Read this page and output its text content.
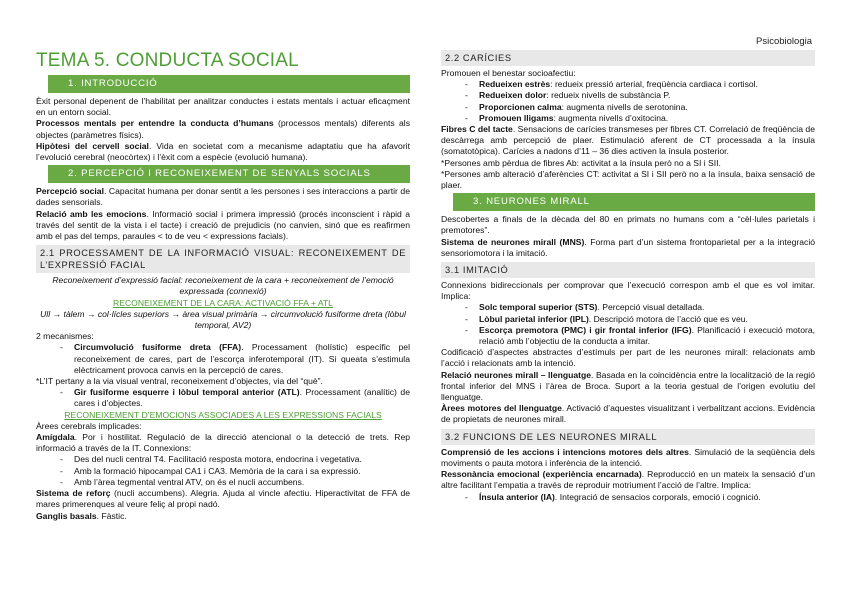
Psicobiologia
TEMA 5. CONDUCTA SOCIAL
1. INTRODUCCIÓ

Èxit personal depenent de l’habilitat per analitzar conductes i estats mentals i actuar eficaçment en un entorn social.

Processos mentals per entendre la conducta d’humans (processos mentals) diferents als objectes (paràmetres físics).

Hipòtesi del cervell social. Vida en societat com a mecanisme adaptatiu que ha afavorit l’evolució cerebral (neocòrtex) i l’èxit com a espècie (evolució humana).

2. PERCEPCIÓ I RECONEIXEMENT DE SENYALS SOCIALS

Percepció social. Capacitat humana per donar sentit a les persones i ses interaccions a partir de dades sensorials.

Relació amb les emocions. Informació social i primera impressió (procés inconscient i ràpid a través del sentit de la vista i el tacte) i creació de prejudicis (no canvien, sinó que es reafirmen amb el pas del temps, paraules < to de veu < expressions facials).

2.1 PROCESSAMENT DE LA INFORMACIÓ VISUAL: RECONEIXEMENT DE L’EXPRESSIÓ FACIAL

Reconeixement d’expressió facial: reconeixement de la cara + reconeixement de l’emoció expressada (connexió)

RECONEIXEMENT DE LA CARA: ACTIVACIÓ FFA + ATL

Ull → tàlem → col·lícles superiors → àrea visual primària → circumvolució fusiforme dreta (lòbul temporal, AV2)

2 mecanismes:

- Circumvolució fusiforme dreta (FFA). Processament (holístic) específic pel reconeixement de cares, part de l’escorça inferotemporal (IT). Si queata s’estimula elèctricament provoca canvis en la percepció de cares.

*L’IT pertany a la via visual ventral, reconeixement d’objectes, via del “què”.

- Gir fusiforme esquerre i lòbul temporal anterior (ATL). Processament (analític) de cares i d’objectes.

RECONEIXEMENT D’EMOCIONS ASSOCIADES A LES EXPRESSIONS FACIALS

Àrees cerebrals implicades:

Amígdala. Por i hostilitat. Regulació de la direcció atencional o la detecció de trets. Rep informació a través de la IT. Connexions:

- Des del nucli central T4. Facilitació resposta motora, endocrina i vegetativa.
- Amb la formació hipocampal CA1 i CA3. Memòria de la cara i sa expressió.
- Amb l’àrea tegmental ventral ATV, on és el nucli accumbens.

Sistema de reforç (nucli accumbens). Alegria. Ajuda al vincle afectiu. Hiperactivitat de FFA de mares primerenques al veure feliç al propi nadó.

Ganglis basals. Fàstic.

2.2 CARÍCIES

Promouen el benestar socioafectiu:

- Redueixen estrès: redueix pressió arterial, freqüència cardiaca i cortisol.
- Redueixen dolor: redueix nivells de substància P.
- Proporcionen calma: augmenta nivells de serotonina.
- Promouen lligams: augmenta nivells d’oxitocina.

Fibres C del tacte. Sensacions de carícies transmeses per fibres CT. Correlació de freqüència de descàrrega amb percepció de plaer. Estimulació aferent de CT processada a la ínsula (somatotòpica). Carícies a nadons d’11 – 36 dies activen la ínsula posterior.

*Persones amb pèrdua de fibres Ab: activitat a la ínsula però no a SI i SII.

*Persones amb alteració d’aferències CT: activitat a SI i SII però no a la ínsula, baixa sensació de plaer.

3. NEURONES MIRALL

Descobertes a finals de la dècada del 80 en primats no humans com a “cèl·lules parietals i premotores”.

Sistema de neurones mirall (MNS). Forma part d’un sistema frontoparietal per a la integració sensoriomotora i la imitació.

3.1 IMITACIÓ

Connexions bidireccionals per comprovar que l’execució correspon amb el que es vol imitar. Implica:

- Solc temporal superior (STS). Percepció visual detallada.
- Lòbul parietal inferior (IPL). Descripció motora de l’acció que es veu.
- Escorça premotora (PMC) i gir frontal inferior (IFG). Planificació i execució motora, relació amb l’objectiu de la conducta a imitar.

Codificació d’aspectes abstractes d’estímuls per part de les neurones mirall: relacionats amb l’acció i relacionats amb la intenció.

Relació neurones mirall – llenguatge. Basada en la coincidència entre la localització de la regió frontal inferior del MNS i l’àrea de Broca. Suport a la teoria gestual de l’origen evolutiu del llenguatge.

Àrees motores del llenguatge. Activació d’aquestes visualitzant i verbalitzant accions. Evidència de propietats de neurones mirall.

3.2 FUNCIONS DE LES NEURONES MIRALL

Comprensió de les accions i intencions motores dels altres. Simulació de la seqüència dels moviments o pauta motora i inferència de la intenció.

Ressonància emocional (experiència encarnada). Reproducció en un mateix la sensació d’un altre facilitant l’empatia a través de reproduir motriument l’acció de l’altre. Implica:

- Ínsula anterior (IA). Integració de sensacios corporals, emoció i cognició.
